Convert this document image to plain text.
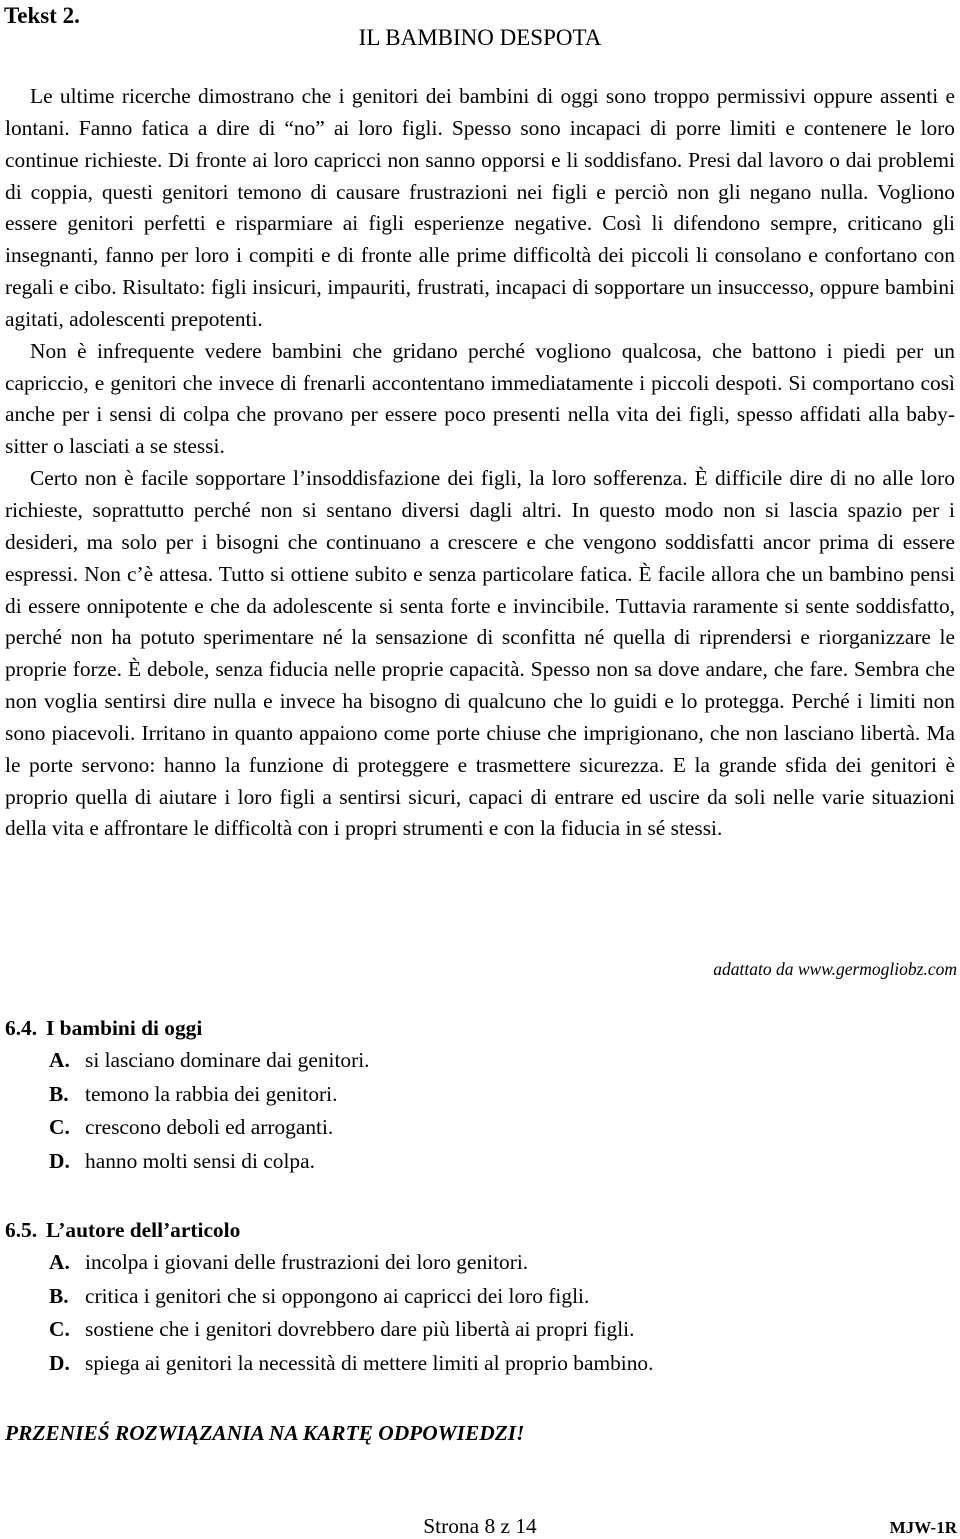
Tekst 2.
IL BAMBINO DESPOTA

Le ultime ricerche dimostrano che i genitori dei bambini di oggi sono troppo permissivi oppure assenti e lontani. Fanno fatica a dire di “no” ai loro figli. Spesso sono incapaci di porre limiti e contenere le loro continue richieste. Di fronte ai loro capricci non sanno opporsi e li soddisfano. Presi dal lavoro o dai problemi di coppia, questi genitori temono di causare frustrazioni nei figli e perciò non gli negano nulla. Vogliono essere genitori perfetti e risparmiare ai figli esperienze negative. Così li difendono sempre, criticano gli insegnanti, fanno per loro i compiti e di fronte alle prime difficoltà dei piccoli li consolano e confortano con regali e cibo. Risultato: figli insicuri, impauriti, frustrati, incapaci di sopportare un insuccesso, oppure bambini agitati, adolescenti prepotenti.

Non è infrequente vedere bambini che gridano perché vogliono qualcosa, che battono i piedi per un capriccio, e genitori che invece di frenarli accontentano immediatamente i piccoli despoti. Si comportano così anche per i sensi di colpa che provano per essere poco presenti nella vita dei figli, spesso affidati alla baby-sitter o lasciati a se stessi.

Certo non è facile sopportare l’insoddisfazione dei figli, la loro sofferenza. È difficile dire di no alle loro richieste, soprattutto perché non si sentano diversi dagli altri. In questo modo non si lascia spazio per i desideri, ma solo per i bisogni che continuano a crescere e che vengono soddisfatti ancor prima di essere espressi. Non c’è attesa. Tutto si ottiene subito e senza particolare fatica. È facile allora che un bambino pensi di essere onnipotente e che da adolescente si senta forte e invincibile. Tuttavia raramente si sente soddisfatto, perché non ha potuto sperimentare né la sensazione di sconfitta né quella di riprendersi e riorganizzare le proprie forze. È debole, senza fiducia nelle proprie capacità. Spesso non sa dove andare, che fare. Sembra che non voglia sentirsi dire nulla e invece ha bisogno di qualcuno che lo guidi e lo protegga. Perché i limiti non sono piacevoli. Irritano in quanto appaiono come porte chiuse che imprigionano, che non lasciano libertà. Ma le porte servono: hanno la funzione di proteggere e trasmettere sicurezza. E la grande sfida dei genitori è proprio quella di aiutare i loro figli a sentirsi sicuri, capaci di entrare ed uscire da soli nelle varie situazioni della vita e affrontare le difficoltà con i propri strumenti e con la fiducia in sé stessi.

adattato da www.germogliobz.com
6.4. I bambini di oggi
A. si lasciano dominare dai genitori.
B. temono la rabbia dei genitori.
C. crescono deboli ed arroganti.
D. hanno molti sensi di colpa.
6.5. L’autore dell’articolo
A. incolpa i giovani delle frustrazioni dei loro genitori.
B. critica i genitori che si oppongono ai capricci dei loro figli.
C. sostiene che i genitori dovrebbero dare più libertà ai propri figli.
D. spiega ai genitori la necessità di mettere limiti al proprio bambino.
PRZENIEŚ ROZWIĄZANIA NA KARTĘ ODPOWIEDZI!
Strona 8 z 14	MJW-1R
